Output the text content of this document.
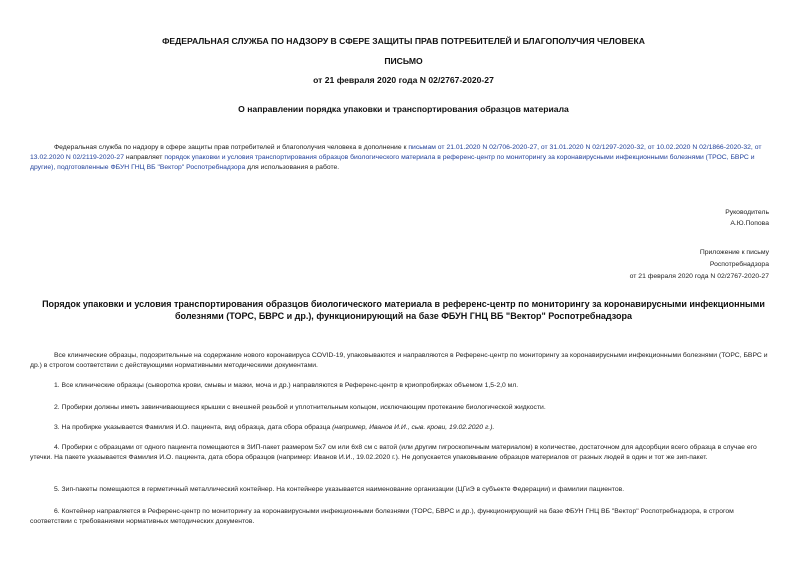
ФЕДЕРАЛЬНАЯ СЛУЖБА ПО НАДЗОРУ В СФЕРЕ ЗАЩИТЫ ПРАВ ПОТРЕБИТЕЛЕЙ И БЛАГОПОЛУЧИЯ ЧЕЛОВЕКА
ПИСЬМО
от 21 февраля 2020 года N 02/2767-2020-27
О направлении порядка упаковки и транспортирования образцов материала
Федеральная служба по надзору в сфере защиты прав потребителей и благополучия человека в дополнение к письмам от 21.01.2020 N 02/706-2020-27, от 31.01.2020 N 02/1297-2020-32, от 10.02.2020 N 02/1866-2020-32, от 13.02.2020 N 02/2119-2020-27 направляет порядок упаковки и условия транспортирования образцов биологического материала в референс-центр по мониторингу за коронавирусными инфекционными болезнями (ТРОС, БВРС и другие), подготовленные ФБУН ГНЦ ВБ "Вектор" Роспотребнадзора для использования в работе.
Руководитель
А.Ю.Попова
Приложение к письму
Роспотребнадзора
от 21 февраля 2020 года N 02/2767-2020-27
Порядок упаковки и условия транспортирования образцов биологического материала в референс-центр по мониторингу за коронавирусными инфекционными
болезнями (ТОРС, БВРС и др.), функционирующий на базе ФБУН ГНЦ ВБ "Вектор" Роспотребнадзора
Все клинические образцы, подозрительные на содержание нового коронавируса COVID-19, упаковываются и направляются в Референс-центр по мониторингу за коронавирусными инфекционными болезнями (ТОРС, БВРС и др.) в строгом соответствии с действующими нормативными методическими документами.
1. Все клинические образцы (сыворотка крови, смывы и мазки, моча и др.) направляются в Референс-центр в криопробирках объемом 1,5-2,0 мл.
2. Пробирки должны иметь завинчивающиеся крышки с внешней резьбой и уплотнительным кольцом, исключающим протекание биологической жидкости.
3. На пробирке указывается Фамилия И.О. пациента, вид образца, дата сбора образца (например, Иванов И.И., сыв. крови, 19.02.2020 г.).
4. Пробирки с образцами от одного пациента помещаются в ЗИП-пакет размером 5х7 см или 6х8 см с ватой (или другим гигроскопичным материалом) в количестве, достаточном для адсорбции всего образца в случае его утечки. На пакете указывается Фамилия И.О. пациента, дата сбора образцов (например: Иванов И.И., 19.02.2020 г.). Не допускается упаковывание образцов материалов от разных людей в один и тот же зип-пакет.
5. Зип-пакеты помещаются в герметичный металлический контейнер. На контейнере указывается наименование организации (ЦГиЭ в субъекте Федерации) и фамилии пациентов.
6. Контейнер направляется в Референс-центр по мониторингу за коронавирусными инфекционными болезнями (ТОРС, БВРС и др.), функционирующий на базе ФБУН ГНЦ ВБ "Вектор" Роспотребнадзора, в строгом соответствии с требованиями нормативных методических документов.
